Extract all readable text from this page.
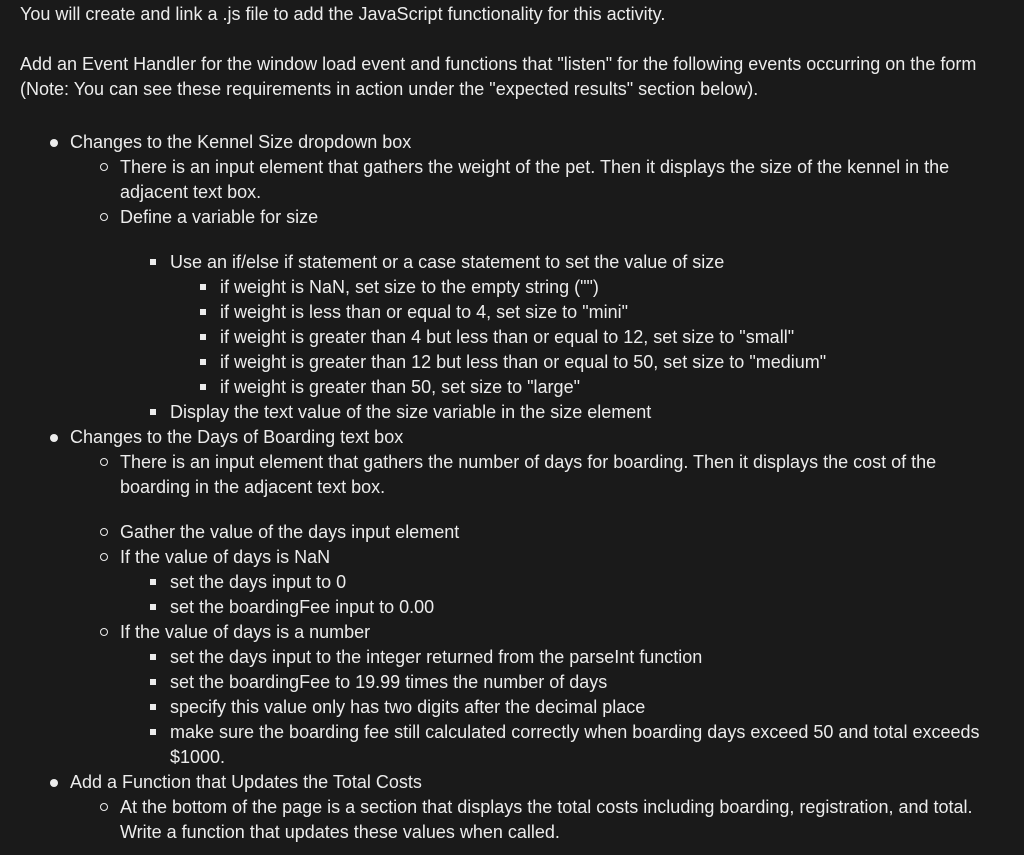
You will create and link a .js file to add the JavaScript functionality for this activity.

Add an Event Handler for the window load event and functions that "listen" for the following events occurring on the form (Note: You can see these requirements in action under the "expected results" section below).

Changes to the Kennel Size dropdown box
There is an input element that gathers the weight of the pet. Then it displays the size of the kennel in the adjacent text box.
Define a variable for size
Use an if/else if statement or a case statement to set the value of size
if weight is NaN, set size to the empty string ("")
if weight is less than or equal to 4, set size to "mini"
if weight is greater than 4 but less than or equal to 12, set size to "small"
if weight is greater than 12 but less than or equal to 50, set size to "medium"
if weight is greater than 50, set size to "large"
Display the text value of the size variable in the size element
Changes to the Days of Boarding text box
There is an input element that gathers the number of days for boarding. Then it displays the cost of the boarding in the adjacent text box.
Gather the value of the days input element
If the value of days is NaN
set the days input to 0
set the boardingFee input to 0.00
If the value of days is a number
set the days input to the integer returned from the parseInt function
set the boardingFee to 19.99 times the number of days
specify this value only has two digits after the decimal place
make sure the boarding fee still calculated correctly when boarding days exceed 50 and total exceeds $1000.
Add a Function that Updates the Total Costs
At the bottom of the page is a section that displays the total costs including boarding, registration, and total. Write a function that updates these values when called.
